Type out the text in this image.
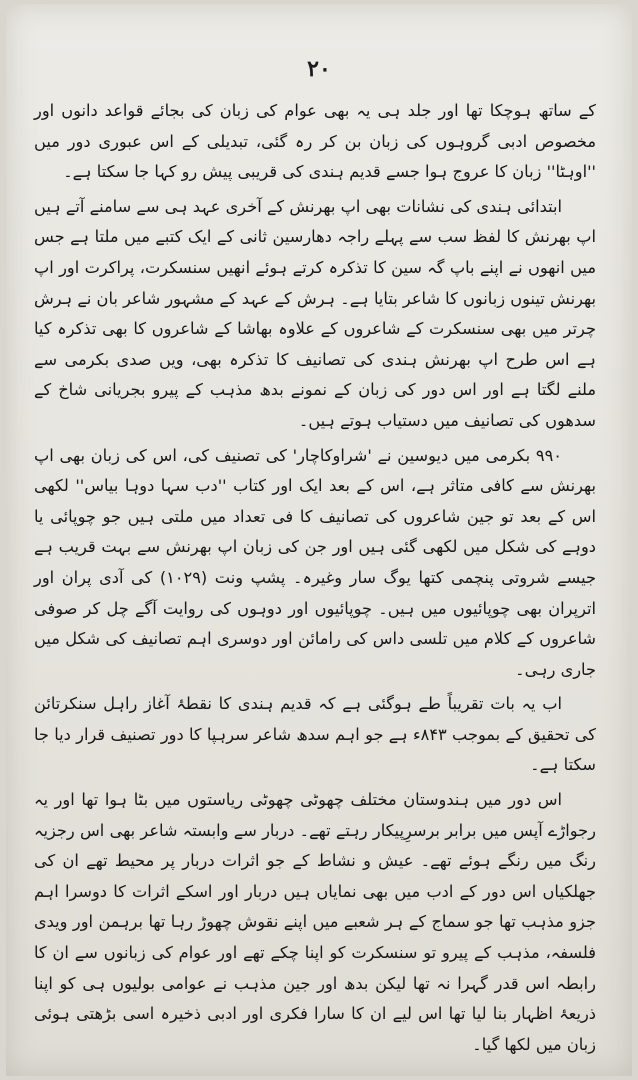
۲۰

کے ساتھ ہوچکا تھا اور جلد ہی یہ بھی عوام کی زبان کی بجائے قواعد دانوں اور مخصوص ادبی گروہوں کی زبان بن کر رہ گئی، تبدیلی کے اس عبوری دور میں ''اوہٹا'' زبان کا عروج ہوا جسے قدیم ہندی کی قریبی پیش رو کہا جا سکتا ہے۔

ابتدائی ہندی کی نشانات بھی اپ بھرنش کے آخری عہد ہی سے سامنے آتے ہیں اپ بھرنش کا لفظ سب سے پہلے راجہ دھارسین ثانی کے ایک کتبے میں ملتا ہے جس میں انھوں نے اپنے باپ گہ سین کا تذکرہ کرتے ہوئے انھیں سنسکرت، پراکرت اور اپ بھرنش تینوں زبانوں کا شاعر بتایا ہے۔ ہرش کے عہد کے مشہور شاعر بان نے ہرش چرتر میں بھی سنسکرت کے شاعروں کے علاوہ بھاشا کے شاعروں کا بھی تذکرہ کیا ہے اس طرح اپ بھرنش ہندی کی تصانیف کا تذکرہ بھی، ویں صدی بکرمی سے ملنے لگتا ہے اور اس دور کی زبان کے نمونے بدھ مذہب کے پیرو بجریانی شاخ کے سدھوں کی تصانیف میں دستیاب ہوتے ہیں۔

۹۹۰ بکرمی میں دیوسین نے 'شراوکاچار' کی تصنیف کی، اس کی زبان بھی اپ بھرنش سے کافی متاثر ہے، اس کے بعد ایک اور کتاب ''دب سہا دوہا بیاس'' لکھی اس کے بعد تو جین شاعروں کی تصانیف کا فی تعداد میں ملتی ہیں جو چوپائی یا دوہے کی شکل میں لکھی گئی ہیں اور جن کی زبان اپ بھرنش سے بہت قریب ہے جیسے شروتی پنچمی کتھا یوگ سار وغیرہ۔ پشپ ونت (۱۰۲۹) کی آدی پران اور اترپران بھی چوپائیوں میں ہیں۔ چوپائیوں اور دوہوں کی روایت آگے چل کر صوفی شاعروں کے کلام میں تلسی داس کی رامائن اور دوسری اہم تصانیف کی شکل میں جاری رہی۔

اب یہ بات تقریباً طے ہوگئی ہے کہ قدیم ہندی کا نقطۂ آغاز راہل سنکرتائن کی تحقیق کے بموجب ۸۴۳ء ہے جو اہم سدھ شاعر سرہپا کا دور تصنیف قرار دیا جا سکتا ہے۔

اس دور میں ہندوستان مختلف چھوٹی چھوٹی ریاستوں میں بٹا ہوا تھا اور یہ رجواڑے آپس میں برابر برسرِپیکار رہتے تھے۔ دربار سے وابستہ شاعر بھی اس رجزیہ رنگ میں رنگے ہوئے تھے۔ عیش و نشاط کے جو اثرات دربار پر محیط تھے ان کی جھلکیاں اس دور کے ادب میں بھی نمایاں ہیں دربار اور اسکے اثرات کا دوسرا اہم جزو مذہب تھا جو سماج کے ہر شعبے میں اپنے نقوش چھوڑ رہا تھا برہمن اور ویدی فلسفہ، مذہب کے پیرو تو سنسکرت کو اپنا چکے تھے اور عوام کی زبانوں سے ان کا رابطہ اس قدر گہرا نہ تھا لیکن بدھ اور جین مذہب نے عوامی بولیوں ہی کو اپنا ذریعۂ اظہار بنا لیا تھا اس لیے ان کا سارا فکری اور ادبی ذخیرہ اسی بڑھتی ہوئی زبان میں لکھا گیا۔
